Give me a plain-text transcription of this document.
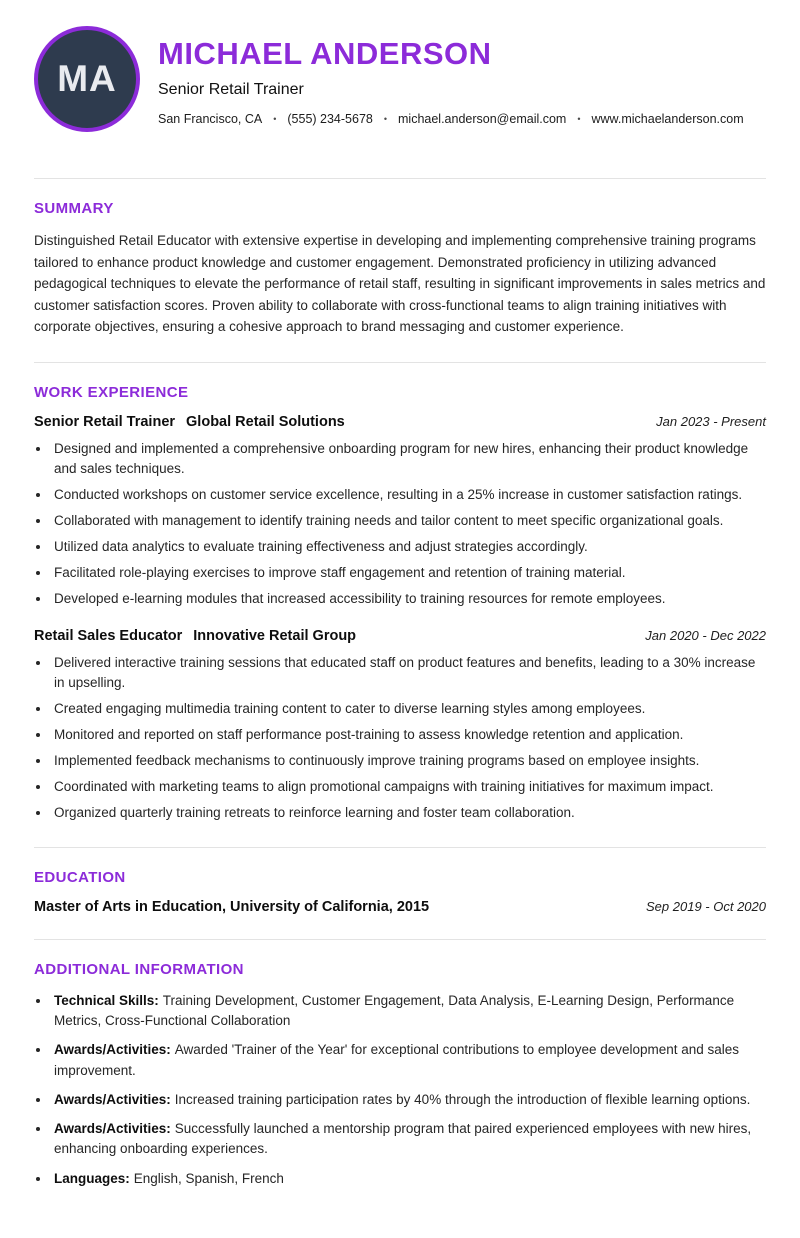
MA
MICHAEL ANDERSON
Senior Retail Trainer
San Francisco, CA • (555) 234-5678 • michael.anderson@email.com • www.michaelanderson.com
SUMMARY

Distinguished Retail Educator with extensive expertise in developing and implementing comprehensive training programs tailored to enhance product knowledge and customer engagement. Demonstrated proficiency in utilizing advanced pedagogical techniques to elevate the performance of retail staff, resulting in significant improvements in sales metrics and customer satisfaction scores. Proven ability to collaborate with cross-functional teams to align training initiatives with corporate objectives, ensuring a cohesive approach to brand messaging and customer experience.

WORK EXPERIENCE
Senior Retail Trainer Global Retail Solutions	Jan 2023 - Present
• Designed and implemented a comprehensive onboarding program for new hires, enhancing their product knowledge and sales techniques.
• Conducted workshops on customer service excellence, resulting in a 25% increase in customer satisfaction ratings.
• Collaborated with management to identify training needs and tailor content to meet specific organizational goals.
• Utilized data analytics to evaluate training effectiveness and adjust strategies accordingly.
• Facilitated role-playing exercises to improve staff engagement and retention of training material.
• Developed e-learning modules that increased accessibility to training resources for remote employees.
Retail Sales Educator Innovative Retail Group	Jan 2020 - Dec 2022
• Delivered interactive training sessions that educated staff on product features and benefits, leading to a 30% increase in upselling.
• Created engaging multimedia training content to cater to diverse learning styles among employees.
• Monitored and reported on staff performance post-training to assess knowledge retention and application.
• Implemented feedback mechanisms to continuously improve training programs based on employee insights.
• Coordinated with marketing teams to align promotional campaigns with training initiatives for maximum impact.
• Organized quarterly training retreats to reinforce learning and foster team collaboration.
EDUCATION
Master of Arts in Education, University of California, 2015	Sep 2019 - Oct 2020
ADDITIONAL INFORMATION
• Technical Skills: Training Development, Customer Engagement, Data Analysis, E-Learning Design, Performance Metrics, Cross-Functional Collaboration
• Awards/Activities: Awarded 'Trainer of the Year' for exceptional contributions to employee development and sales improvement.
• Awards/Activities: Increased training participation rates by 40% through the introduction of flexible learning options.
• Awards/Activities: Successfully launched a mentorship program that paired experienced employees with new hires, enhancing onboarding experiences.
• Languages: English, Spanish, French
